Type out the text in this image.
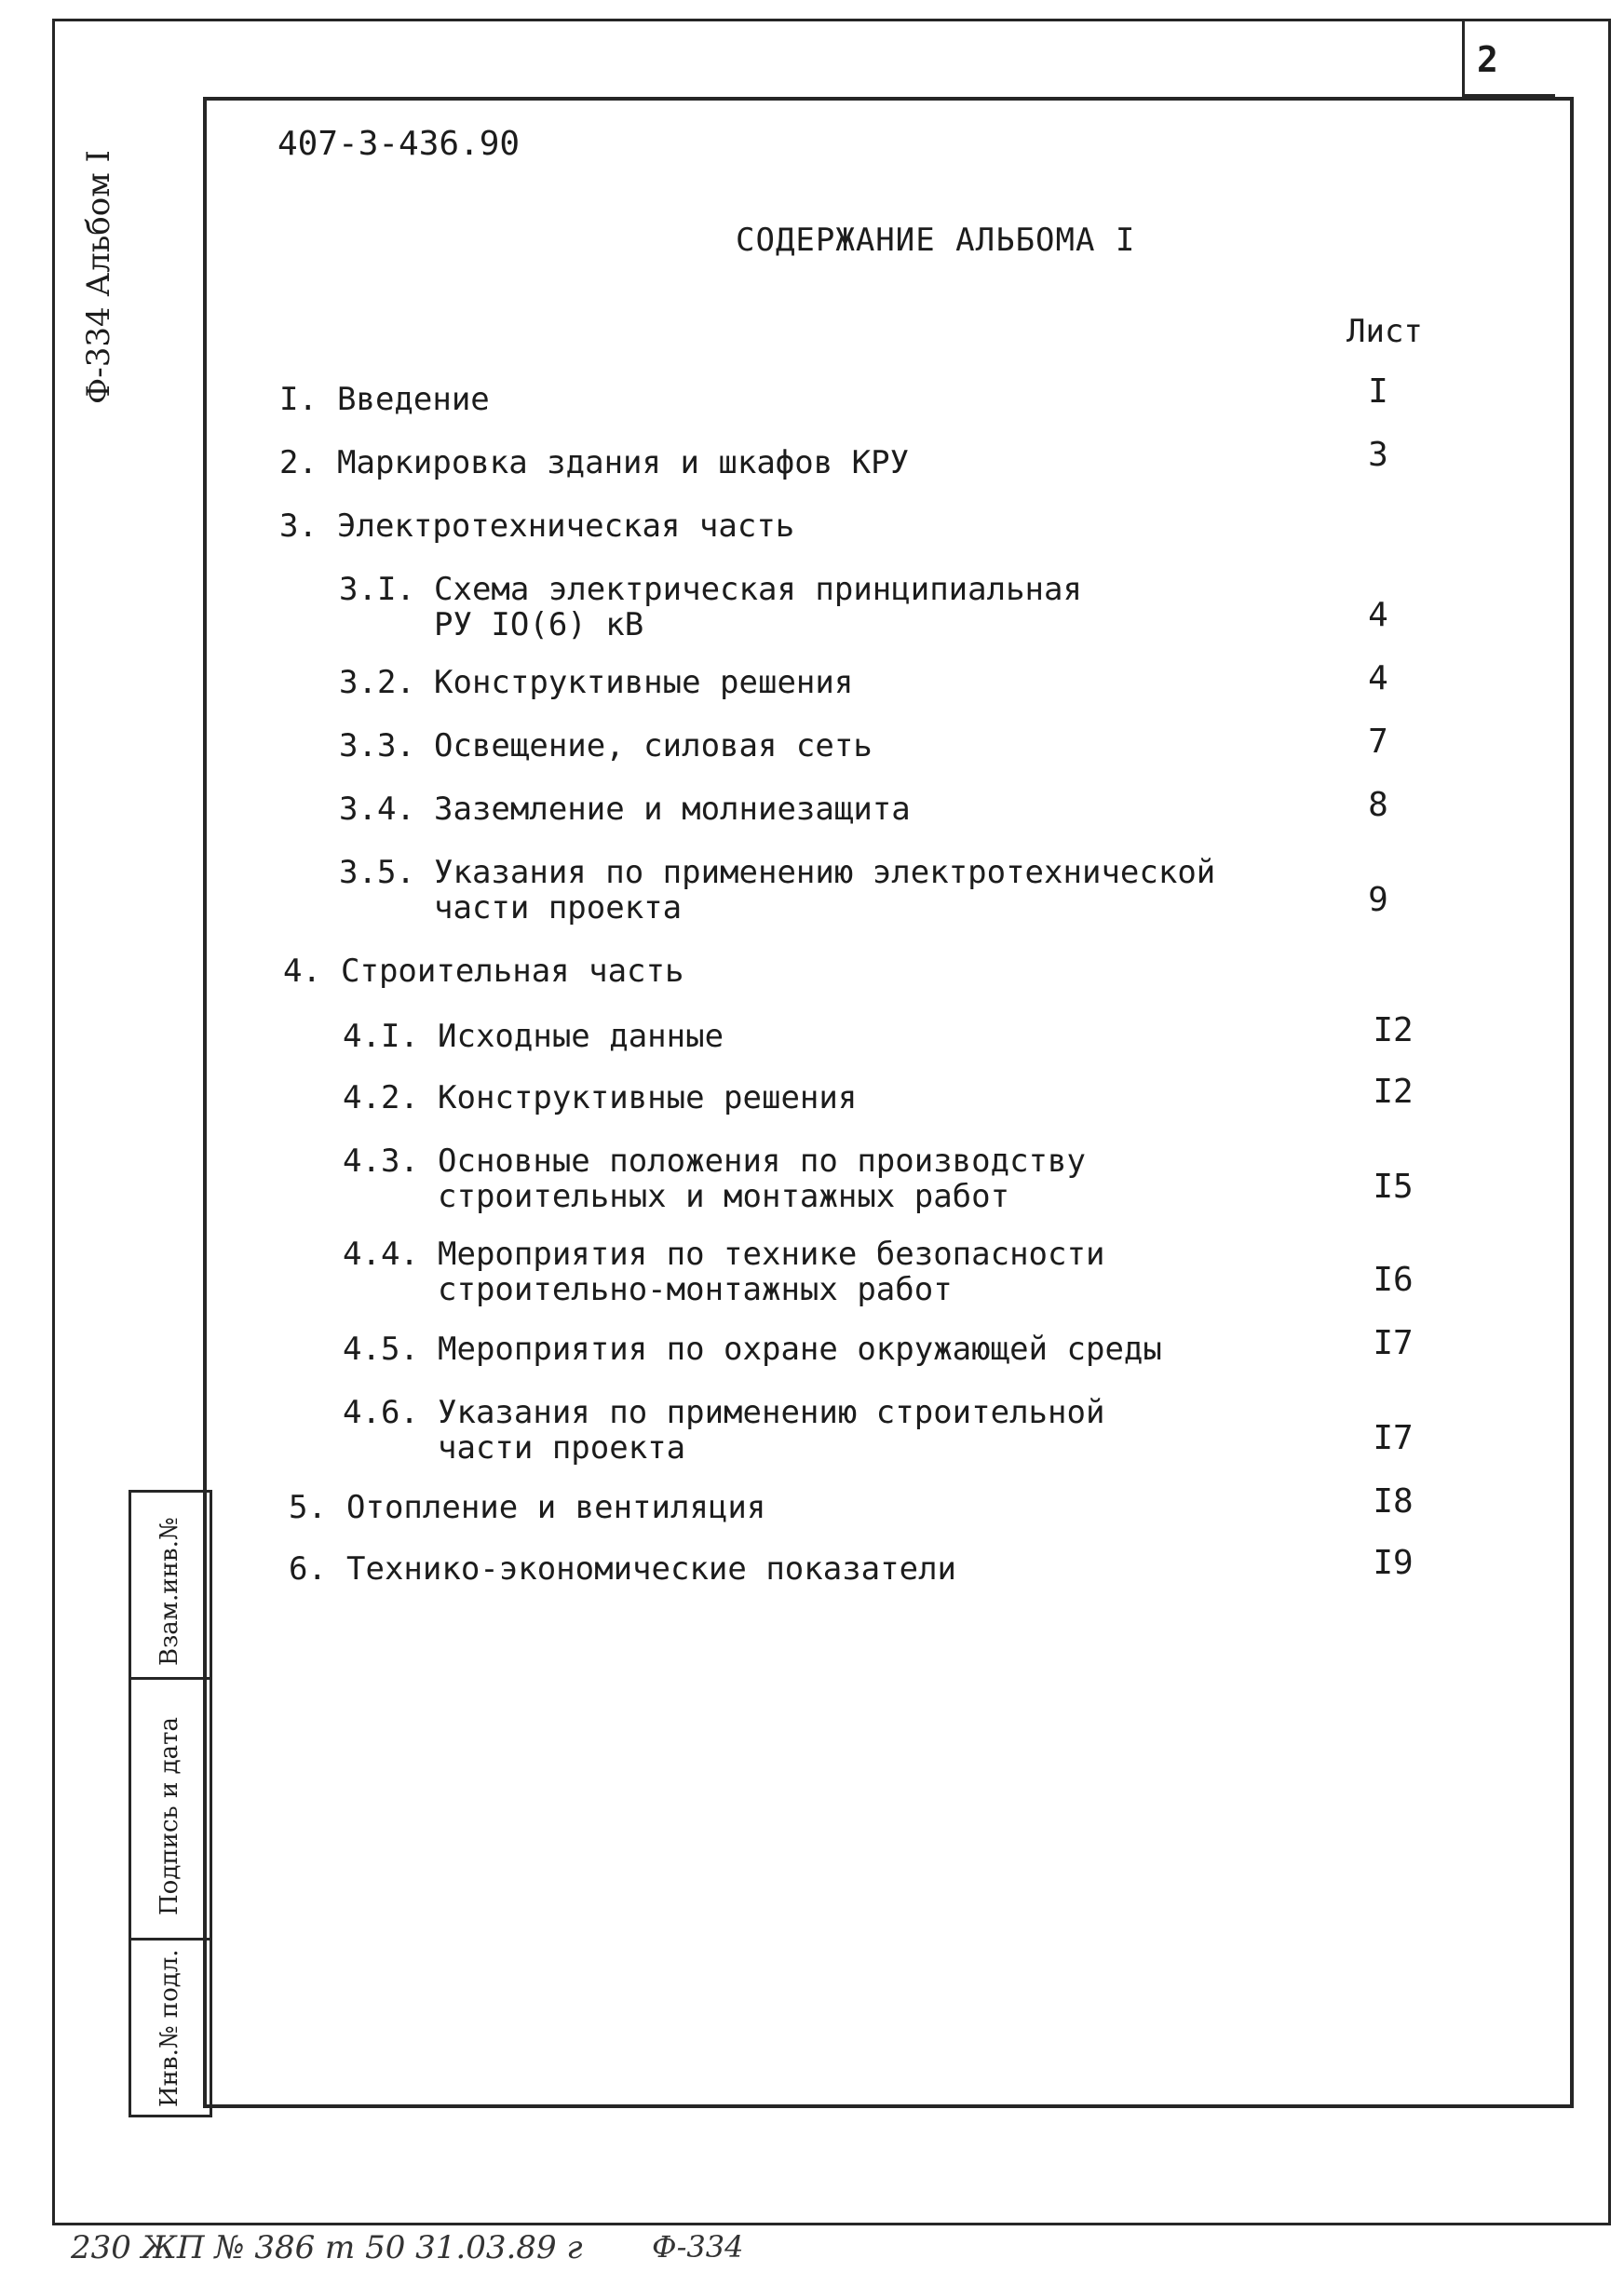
2
Ф-334 Альбом I
Взам.инв.№
Подпись и дата
Инв.№ подл.
407-3-436.90
СОДЕРЖАНИЕ АЛЬБОМА I
Лист
I. Введение	I
2. Маркировка здания и шкафов КРУ	3
3. Электротехническая часть
3.I. Схема электрическая принципиальная
РУ IO(6) кВ	4
3.2. Конструктивные решения	4
3.3. Освещение, силовая сеть	7
3.4. Заземление и молниезащита	8
3.5. Указания по применению электротехнической
части проекта	9
4. Строительная часть
4.I. Исходные данные	I2
4.2. Конструктивные решения	I2
4.3. Основные положения по производству
строительных и монтажных работ	I5
4.4. Мероприятия по технике безопасности
строительно-монтажных работ	I6
4.5. Мероприятия по охране окружающей среды	I7
4.6. Указания по применению строительной
части проекта	I7
5. Отопление и вентиляция	I8
6. Технико-экономические показатели	I9
230 ЖП № 386 т 50 31.03.89 г Ф-334
